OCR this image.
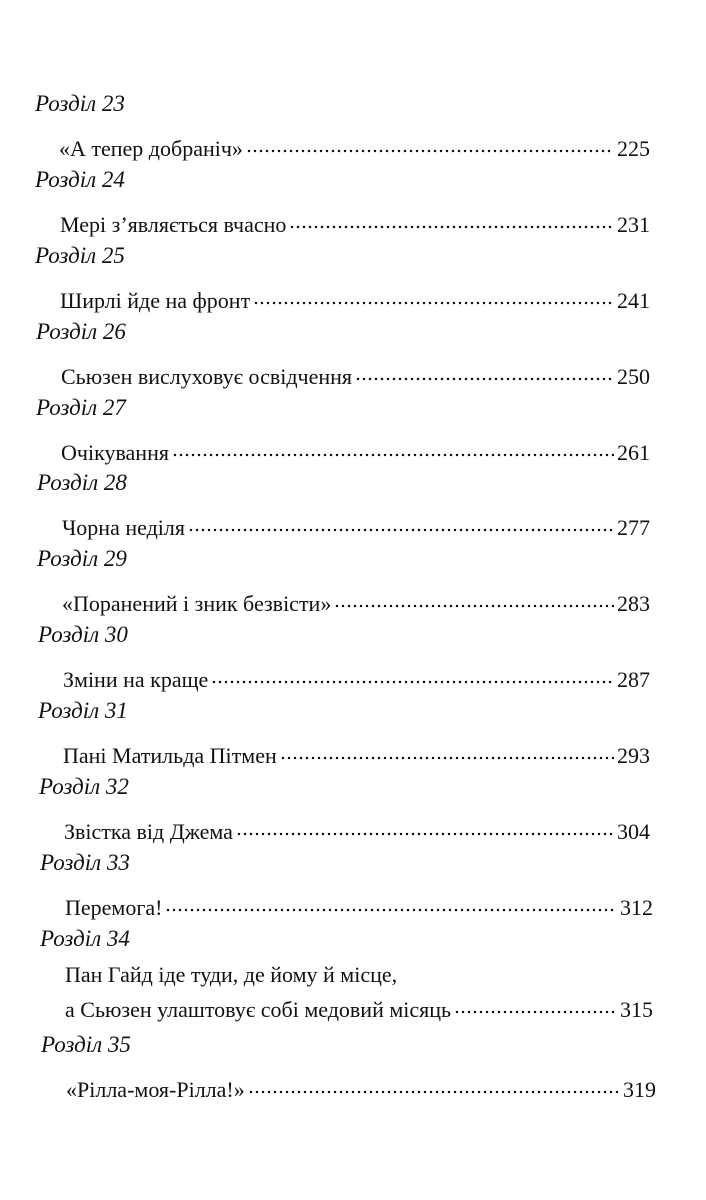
Розділ 23
«А тепер добраніч»	225
Розділ 24
Мері з’являється вчасно	231
Розділ 25
Ширлі йде на фронт	241
Розділ 26
Сьюзен вислуховує освідчення	250
Розділ 27
Очікування	261
Розділ 28
Чорна неділя	277
Розділ 29
«Поранений і зник безвісти»	283
Розділ 30
Зміни на краще	287
Розділ 31
Пані Матильда Пітмен	293
Розділ 32
Звістка від Джема	304
Розділ 33
Перемога!	312
Розділ 34
Пан Гайд іде туди, де йому й місце,
а Сьюзен улаштовує собі медовий місяць	315
Розділ 35
«Рілла-моя-Рілла!»	319
